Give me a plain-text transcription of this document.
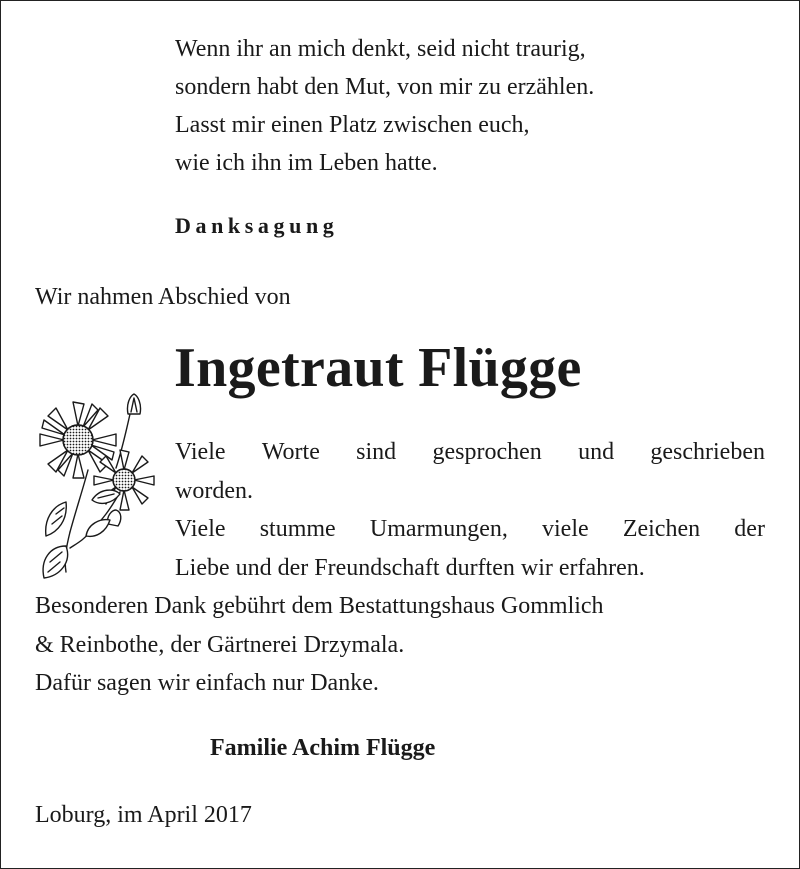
Wenn ihr an mich denkt, seid nicht traurig,
sondern habt den Mut, von mir zu erzählen.
Lasst mir einen Platz zwischen euch,
wie ich ihn im Leben hatte.
Danksagung
Wir nahmen Abschied von
Ingetraut Flügge
Viele Worte sind gesprochen und geschrieben
worden.
Viele stumme Umarmungen, viele Zeichen der
Liebe und der Freundschaft durften wir erfahren.
Besonderen Dank gebührt dem Bestattungshaus Gommlich
& Reinbothe, der Gärtnerei Drzymala.
Dafür sagen wir einfach nur Danke.
Familie Achim Flügge
Loburg, im April 2017
